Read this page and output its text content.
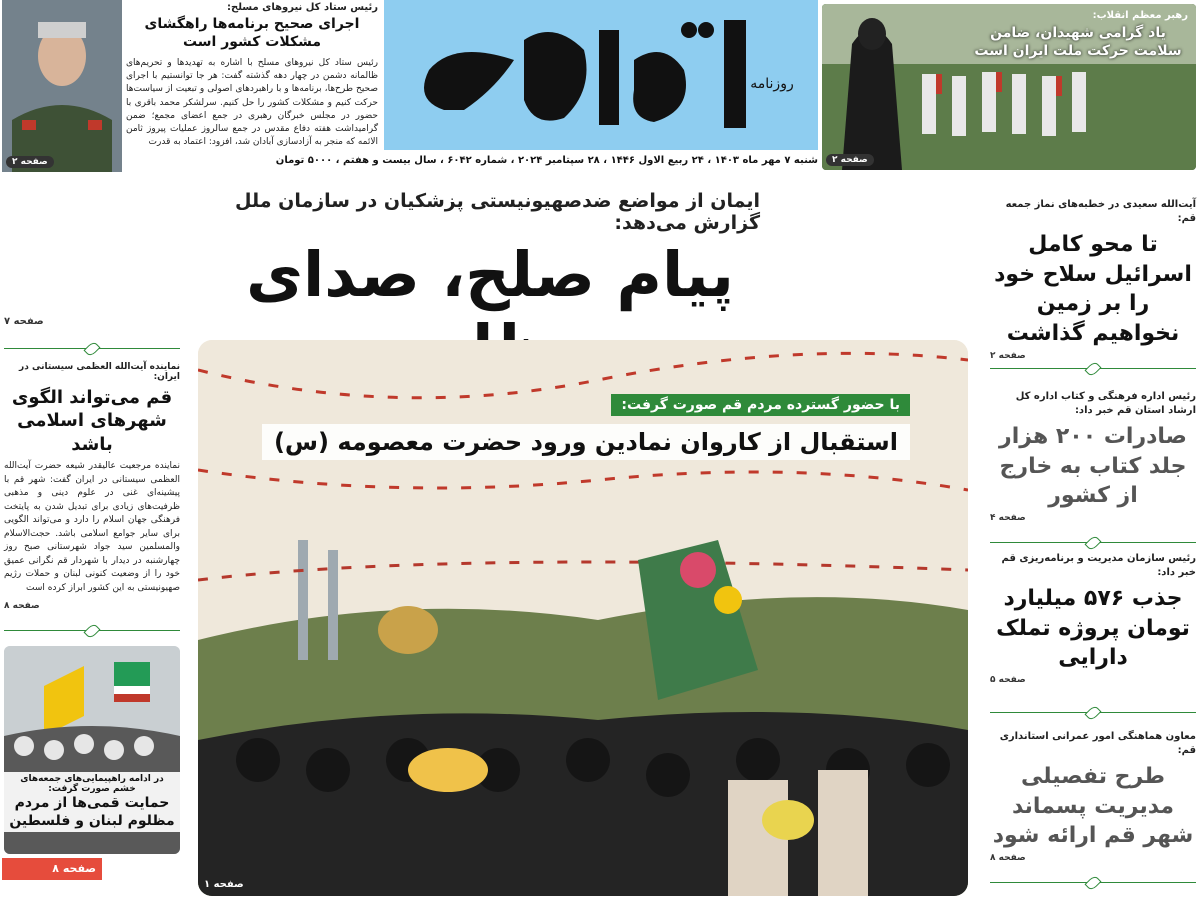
صفحه ۲
رئیس ستاد کل نیروهای مسلح:
اجرای صحیح برنامه‌ها راهگشای مشکلات کشور است
رئیس ستاد کل نیروهای مسلح با اشاره به تهدیدها و تحریم‌های ظالمانه دشمن در چهار دهه گذشته گفت: هر جا توانستیم با اجرای صحیح طرح‌ها، برنامه‌ها و با راهبردهای اصولی و تبعیت از سیاست‌ها حرکت کنیم و مشکلات کشور را حل کنیم. سرلشکر محمد باقری با حضور در مجلس خبرگان رهبری در جمع اعضای مجمع؛ ضمن گرامیداشت هفته دفاع مقدس در جمع سالروز عملیات پیروز ثامن الائمه که منجر به آزادسازی آبادان شد، افزود: اعتماد به قدرت
روزنامه
شنبه ۷ مهر ماه ۱۴۰۳ ، ۲۴ ربیع الاول ۱۴۴۶ ، ۲۸ سپتامبر ۲۰۲۴ ، شماره ۶۰۴۲ ، سال بیست و هفتم ، ۵۰۰۰ تومان
رهبر معظم انقلاب:
یاد گرامی شهیدان، ضامن سلامت حرکت ملت ایران است
صفحه ۲
ایمان از مواضع ضدصهیونیستی پزشکیان در سازمان ملل گزارش می‌دهد:
پیام صلح، صدای
صفحه ۷
با حضور گسترده مردم قم صورت گرفت:
استقبال از کاروان نمادین ورود حضرت معصومه (س)
صفحه ۱
آیت‌الله سعیدی در خطبه‌های نماز جمعه قم:
تا محو کامل اسرائیل سلاح خود را بر زمین نخواهیم گذاشت
صفحه ۲
رئیس اداره فرهنگی و کتاب اداره کل ارشاد استان قم خبر داد:
صادرات ۲۰۰ هزار جلد کتاب به خارج از کشور
صفحه ۴
رئیس سازمان مدیریت و برنامه‌ریزی قم خبر داد:
جذب ۵۷۶ میلیارد تومان پروژه تملک دارایی
صفحه ۵
معاون هماهنگی امور عمرانی استانداری قم:
طرح تفصیلی مدیریت پسماند شهر قم ارائه شود
صفحه ۸
نماینده آیت‌الله العظمی سیستانی در ایران:
قم می‌تواند الگوی شهرهای اسلامی باشد
نماینده مرجعیت عالیقدر شیعه حضرت آیت‌الله العظمی سیستانی در ایران گفت: شهر قم با پیشینه‌ای غنی در علوم دینی و مذهبی ظرفیت‌های زیادی برای تبدیل شدن به پایتخت فرهنگی جهان اسلام را دارد و می‌تواند الگویی برای سایر جوامع اسلامی باشد. حجت‌الاسلام والمسلمین سید جواد شهرستانی صبح روز چهارشنبه در دیدار با شهردار قم نگرانی عمیق خود را از وضعیت کنونی لبنان و حملات رژیم صهیونیستی به این کشور ابراز کرده است
صفحه ۸
در ادامه راهپیمایی‌های جمعه‌های خشم صورت گرفت:
حمایت قمی‌ها از مردم مظلوم لبنان و فلسطین
صفحه ۸
